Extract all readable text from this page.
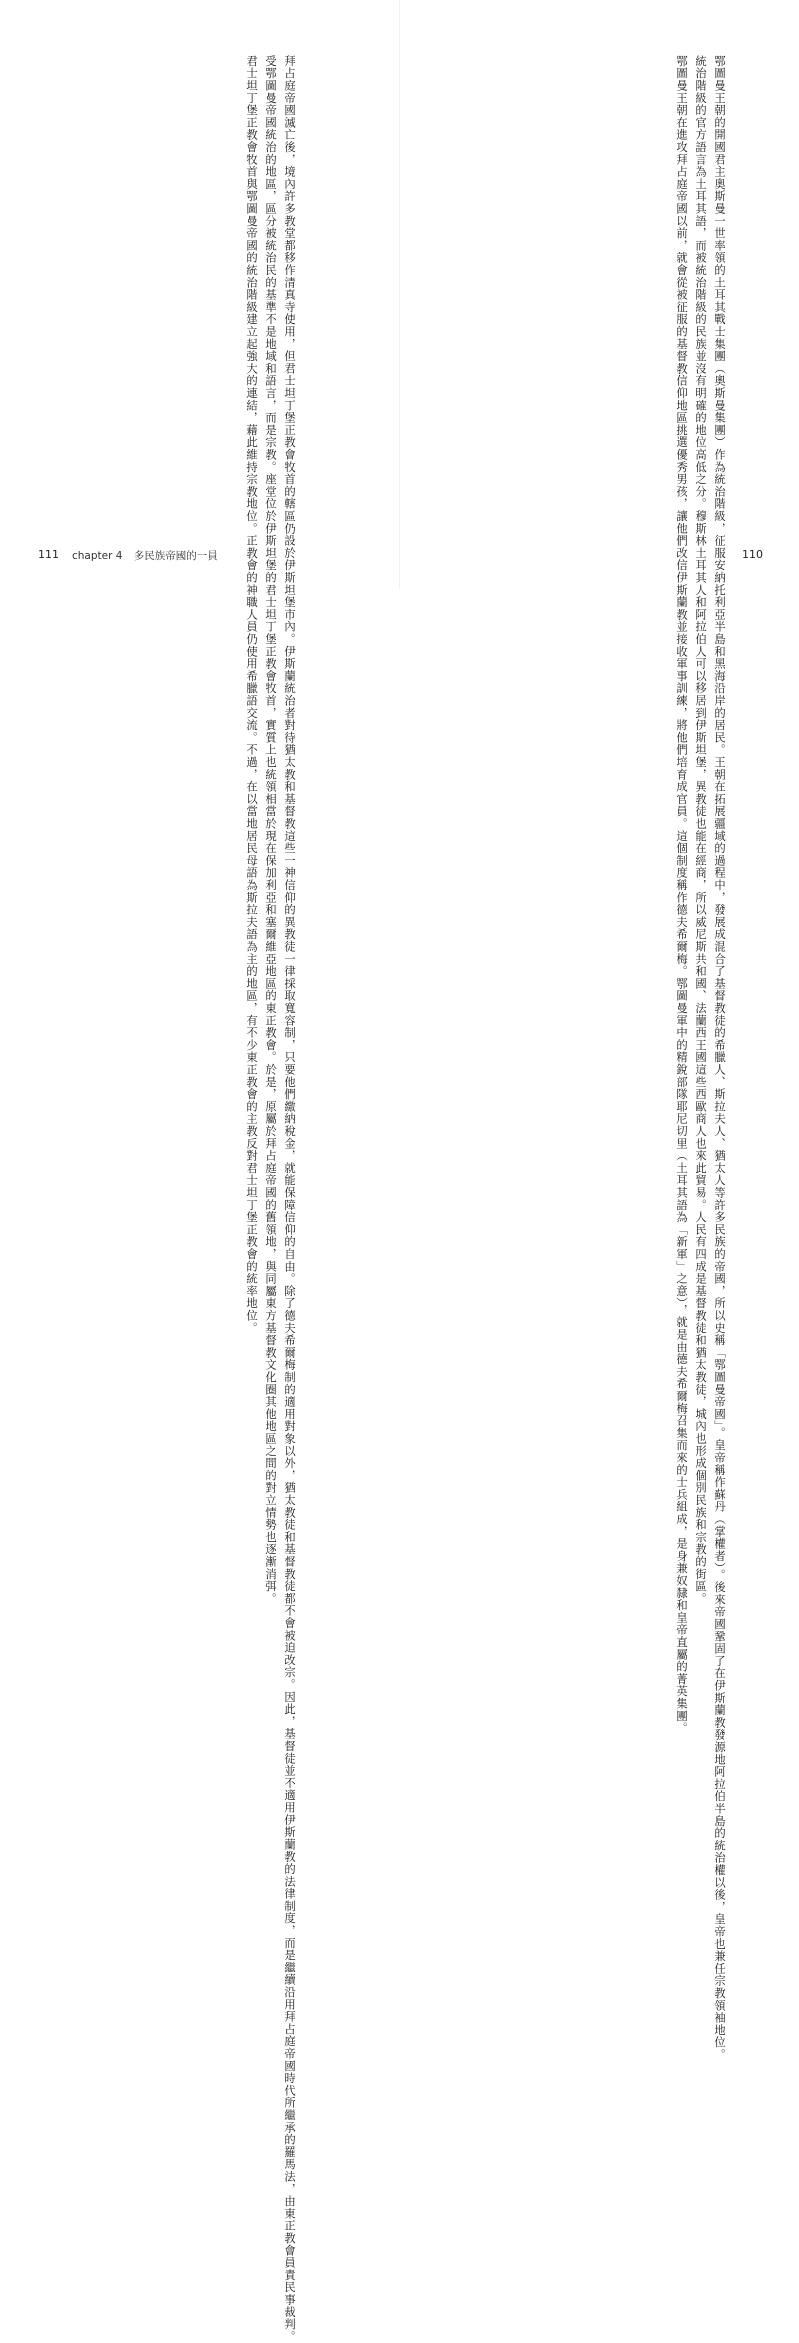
拜占庭帝國滅亡後，境內許多教堂都移作清真寺使用，但君士坦丁堡正教會牧首的轄區仍設於伊斯坦堡市內。伊斯蘭統治者對待猶太教和基督教這些一神信仰的異教徒一律採取寬容制，只要他們繳納稅金，就能保障信仰的自由。除了德夫希爾梅制的適用對象以外，猶太教徒和基督教徒都不會被迫改宗。因此，基督徒並不適用伊斯蘭教的法律制度，而是繼續沿用拜占庭帝國時代所繼承的羅馬法，由東正教會員責民事裁判。
受鄂圖曼帝國統治的地區，區分被統治民的基準不是地域和語言，而是宗教。座堂位於伊斯坦堡的君士坦丁堡正教會牧首，實質上也統領相當於現在保加利亞和塞爾維亞地區的東正教會。於是，原屬於拜占庭帝國的舊領地，與同屬東方基督教文化圈其他地區之間的對立情勢也逐漸消弭。
君士坦丁堡正教會牧首與鄂圖曼帝國的統治階級建立起強大的連結，藉此維持宗教地位。正教會的神職人員仍使用希臘語交流。不過，在以當地居民母語為斯拉夫語為主的地區，有不少東正教會的主教反對君士坦丁堡正教會的統率地位。
111 chapter 4 多民族帝國的一員	鄂圖曼王朝的開國君主奧斯曼一世率領的土耳其戰士集團（奧斯曼集團）作為統治階級，征服安納托利亞半島和黑海沿岸的居民。王朝在拓展疆域的過程中，發展成混合了基督教徒的希臘人、斯拉夫人、猶太人等許多民族的帝國，所以史稱「鄂圖曼帝國」。皇帝稱作蘇丹（掌權者）。後來帝國鞏固了在伊斯蘭教發源地阿拉伯半島的統治權以後，皇帝也兼任宗教領袖地位。
統治階級的官方語言為土耳其語，而被統治階級的民族並沒有明確的地位高低之分。穆斯林土耳其人和阿拉伯人可以移居到伊斯坦堡，異教徒也能在經商，所以威尼斯共和國、法蘭西王國這些西歐商人也來此貿易。人民有四成是基督教徒和猶太教徒，城內也形成個別民族和宗教的街區。
鄂圖曼王朝在進攻拜占庭帝國以前，就會從被征服的基督教信仰地區挑選優秀男孩，讓他們改信伊斯蘭教並接收軍事訓練，將他們培育成官員。這個制度稱作德夫希爾梅。鄂圖曼軍中的精銳部隊耶尼切里（土耳其語為「新軍」之意），就是由德夫希爾梅召集而來的士兵組成，是身兼奴隸和皇帝直屬的菁英集團。	110
